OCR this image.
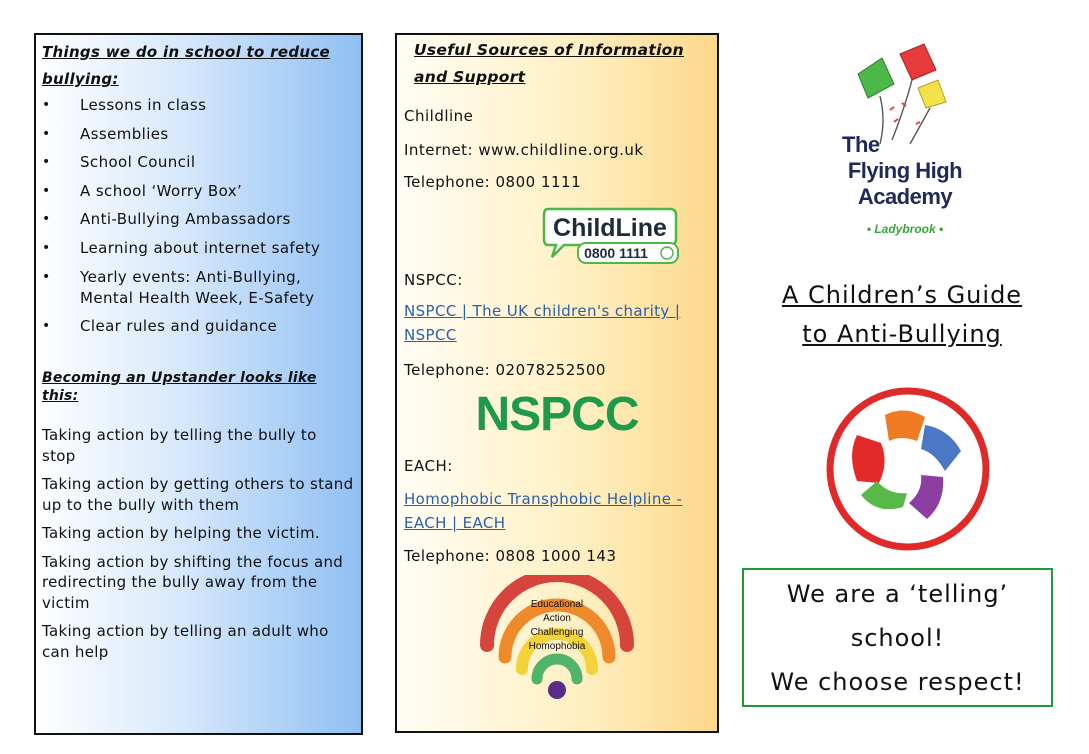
Things we do in school to reduce bullying:

• Lessons in class
• Assemblies
• School Council
• A school ‘Worry Box’
• Anti-Bullying Ambassadors
• Learning about internet safety
• Yearly events: Anti-Bullying, Mental Health Week, E-Safety
• Clear rules and guidance

Becoming an Upstander looks like this:

Taking action by telling the bully to stop

Taking action by getting others to stand up to the bully with them

Taking action by helping the victim.

Taking action by shifting the focus and redirecting the bully away from the victim

Taking action by telling an adult who can help

Useful Sources of Information and Support

Childline

Internet: www.childline.org.uk

Telephone: 0800 1111

ChildLine
0800 1111

NSPCC:

NSPCC | The UK children's charity | NSPCC

Telephone: 02078252500

NSPCC

EACH:

Homophobic Transphobic Helpline - EACH | EACH

Telephone: 0808 1000 143

Educational
Action
Challenging
Homophobia
The
Flying High
Academy
• Ladybrook •
A Children’s Guide
to Anti-Bullying
We are a ‘telling’
school!
We choose respect!
